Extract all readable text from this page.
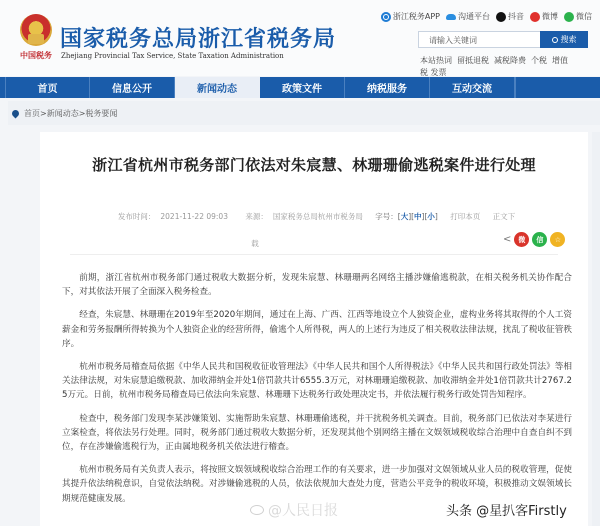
中国税务
国家税务总局浙江省税务局
Zhejiang Provincial Tax Service, State Taxation Administration
浙江税务APP 沟通平台 抖音 微博 微信
请输入关键词	搜索
本站热词 留抵退税 减税降费 个税 增值
税 发票
首页	信息公开	新闻动态	政策文件	纳税服务	互动交流
首页>新闻动态>税务要闻
浙江省杭州市税务部门依法对朱宸慧、林珊珊偷逃税案件进行处理
发布时间： 2021-11-22 09:03 来源： 国家税务总局杭州市税务局 字号：[大][中][小] 打印本页 正文下
载	<	微	信	☆

前期，浙江省杭州市税务部门通过税收大数据分析，发现朱宸慧、林珊珊两名网络主播涉嫌偷逃税款，在相关税务机关协作配合下，对其依法开展了全面深入税务检查。

经查，朱宸慧、林珊珊在2019年至2020年期间，通过在上海、广西、江西等地设立个人独资企业，虚构业务将其取得的个人工资薪金和劳务报酬所得转换为个人独资企业的经营所得，偷逃个人所得税，两人的上述行为违反了相关税收法律法规，扰乱了税收征管秩序。

杭州市税务局稽查局依据《中华人民共和国税收征收管理法》《中华人民共和国个人所得税法》《中华人民共和国行政处罚法》等相关法律法规，对朱宸慧追缴税款、加收滞纳金并处1倍罚款共计6555.3万元，对林珊珊追缴税款、加收滞纳金并处1倍罚款共计2767.25万元。日前，杭州市税务局稽查局已依法向朱宸慧、林珊珊下达税务行政处理决定书，并依法履行税务行政处罚告知程序。

检查中，税务部门发现李某涉嫌策划、实施帮助朱宸慧、林珊珊偷逃税，并干扰税务机关调查。目前，税务部门已依法对李某进行立案检查，将依法另行处理。同时，税务部门通过税收大数据分析，还发现其他个别网络主播在文娱领域税收综合治理中自查自纠不到位，存在涉嫌偷逃税行为，正由属地税务机关依法进行稽查。

杭州市税务局有关负责人表示，将按照文娱领域税收综合治理工作的有关要求，进一步加强对文娱领域从业人员的税收管理，促使其提升依法纳税意识，自觉依法纳税。对涉嫌偷逃税的人员，依法依规加大查处力度，营造公平竞争的税收环境，积极推动文娱领域长期规范健康发展。

@人民日报	头条 @星扒客Firstly
